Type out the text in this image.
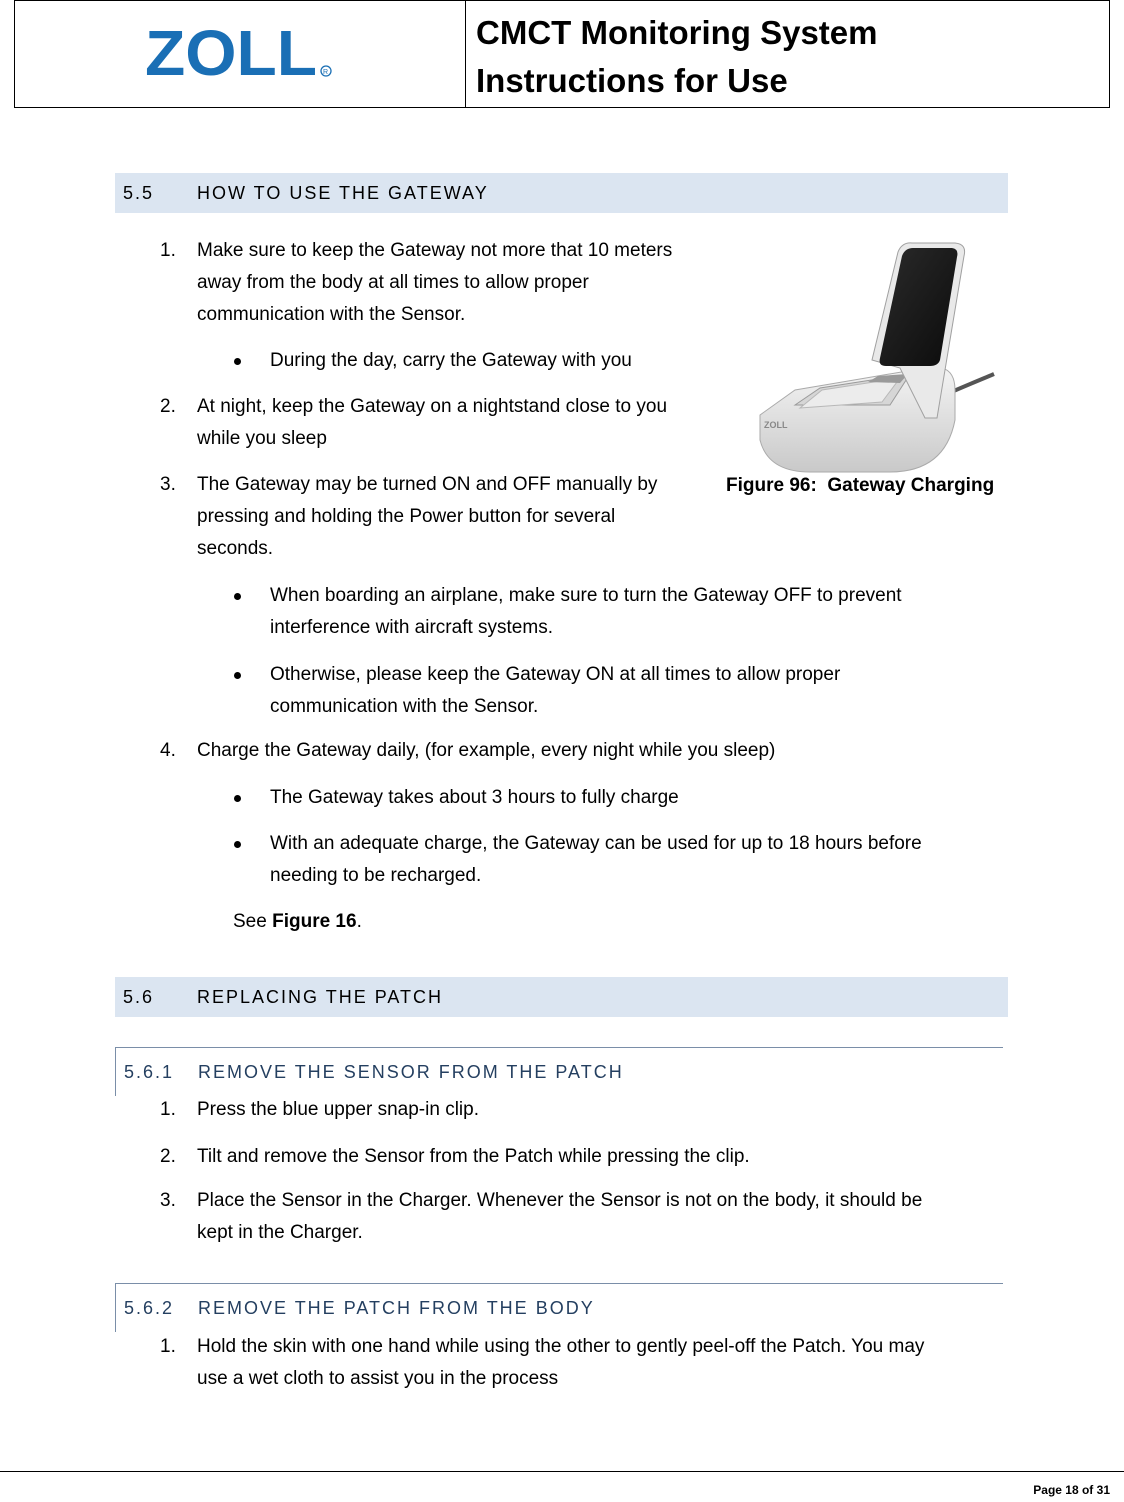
ZOLL R
CMCT Monitoring System
Instructions for Use
5.5	HOW TO USE THE GATEWAY
1. Make sure to keep the Gateway not more that 10 meters
away from the body at all times to allow proper
communication with the Sensor.
During the day, carry the Gateway with you
2. At night, keep the Gateway on a nightstand close to you
while you sleep
3. The Gateway may be turned ON and OFF manually by
pressing and holding the Power button for several
seconds.
ZOLL
Figure 96:  Gateway Charging
When boarding an airplane, make sure to turn the Gateway OFF to prevent
interference with aircraft systems.
Otherwise, please keep the Gateway ON at all times to allow proper
communication with the Sensor.
4. Charge the Gateway daily, (for example, every night while you sleep)
The Gateway takes about 3 hours to fully charge
With an adequate charge, the Gateway can be used for up to 18 hours before
needing to be recharged.
See Figure 16.
5.6	REPLACING THE PATCH
5.6.1	REMOVE THE SENSOR FROM THE PATCH
1. Press the blue upper snap-in clip.
2. Tilt and remove the Sensor from the Patch while pressing the clip.
3. Place the Sensor in the Charger. Whenever the Sensor is not on the body, it should be
kept in the Charger.
5.6.2	REMOVE THE PATCH FROM THE BODY
1. Hold the skin with one hand while using the other to gently peel-off the Patch. You may
use a wet cloth to assist you in the process
Page 18 of 31
